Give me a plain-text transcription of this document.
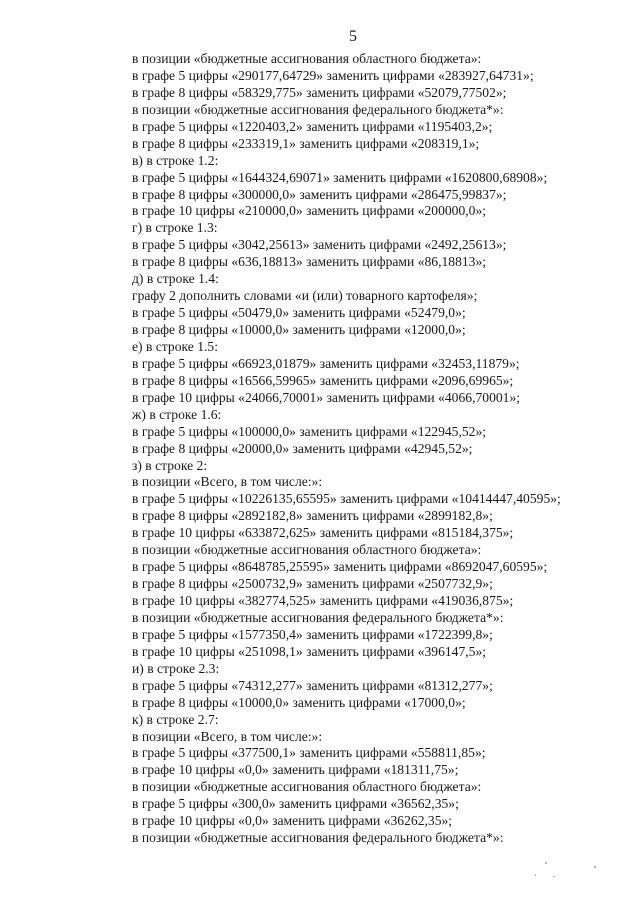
5
в позиции «бюджетные ассигнования областного бюджета»:
в графе 5 цифры «290177,64729» заменить цифрами «283927,64731»;
в графе 8 цифры «58329,775» заменить цифрами «52079,77502»;
в позиции «бюджетные ассигнования федерального бюджета*»:
в графе 5 цифры «1220403,2» заменить цифрами «1195403,2»;
в графе 8 цифры «233319,1» заменить цифрами «208319,1»;
в) в строке 1.2:
в графе 5 цифры «1644324,69071» заменить цифрами «1620800,68908»;
в графе 8 цифры «300000,0» заменить цифрами «286475,99837»;
в графе 10 цифры «210000,0» заменить цифрами «200000,0»;
г) в строке 1.3:
в графе 5 цифры «3042,25613» заменить цифрами «2492,25613»;
в графе 8 цифры «636,18813» заменить цифрами «86,18813»;
д) в строке 1.4:
графу 2 дополнить словами «и (или) товарного картофеля»;
в графе 5 цифры «50479,0» заменить цифрами «52479,0»;
в графе 8 цифры «10000,0» заменить цифрами «12000,0»;
е) в строке 1.5:
в графе 5 цифры «66923,01879» заменить цифрами «32453,11879»;
в графе 8 цифры «16566,59965» заменить цифрами «2096,69965»;
в графе 10 цифры «24066,70001» заменить цифрами «4066,70001»;
ж) в строке 1.6:
в графе 5 цифры «100000,0» заменить цифрами «122945,52»;
в графе 8 цифры «20000,0» заменить цифрами «42945,52»;
з) в строке 2:
в позиции «Всего, в том числе:»:
в графе 5 цифры «10226135,65595» заменить цифрами «10414447,40595»;
в графе 8 цифры «2892182,8» заменить цифрами «2899182,8»;
в графе 10 цифры «633872,625» заменить цифрами «815184,375»;
в позиции «бюджетные ассигнования областного бюджета»:
в графе 5 цифры «8648785,25595» заменить цифрами «8692047,60595»;
в графе 8 цифры «2500732,9» заменить цифрами «2507732,9»;
в графе 10 цифры «382774,525» заменить цифрами «419036,875»;
в позиции «бюджетные ассигнования федерального бюджета*»:
в графе 5 цифры «1577350,4» заменить цифрами «1722399,8»;
в графе 10 цифры «251098,1» заменить цифрами «396147,5»;
и) в строке 2.3:
в графе 5 цифры «74312,277» заменить цифрами «81312,277»;
в графе 8 цифры «10000,0» заменить цифрами «17000,0»;
к) в строке 2.7:
в позиции «Всего, в том числе:»:
в графе 5 цифры «377500,1» заменить цифрами «558811,85»;
в графе 10 цифры «0,0» заменить цифрами «181311,75»;
в позиции «бюджетные ассигнования областного бюджета»:
в графе 5 цифры «300,0» заменить цифрами «36562,35»;
в графе 10 цифры «0,0» заменить цифрами «36262,35»;
в позиции «бюджетные ассигнования федерального бюджета*»:
